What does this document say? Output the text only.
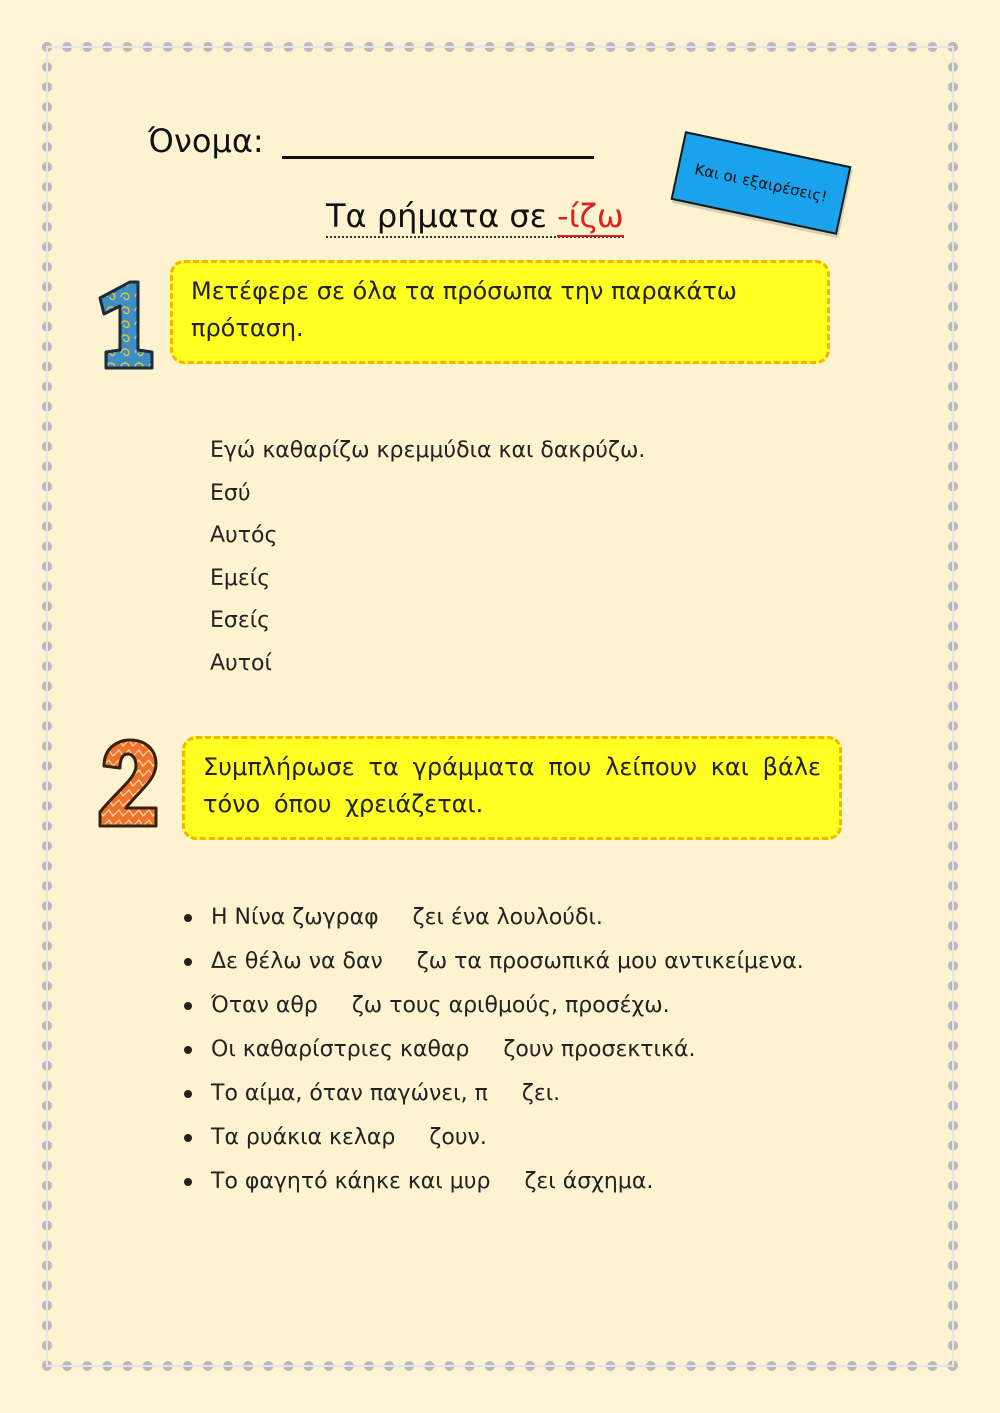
Όνομα:
Τα ρήματα σε -ίζω
Και οι εξαιρέσεις!
Μετέφερε σε όλα τα πρόσωπα την παρακάτω πρόταση.
Εγώ καθαρίζω κρεμμύδια και δακρύζω.
Εσύ
Αυτός
Εμείς
Εσείς
Αυτοί
Συμπλήρωσε τα γράμματα που λείπουν και βάλε τόνο όπου χρειάζεται.
Η Νίνα ζωγραφ ζει ένα λουλούδι.
Δε θέλω να δαν ζω τα προσωπικά μου αντικείμενα.
Όταν αθρ ζω τους αριθμούς, προσέχω.
Οι καθαρίστριες καθαρ ζουν προσεκτικά.
Το αίμα, όταν παγώνει, π ζει.
Τα ρυάκια κελαρ ζουν.
Το φαγητό κάηκε και μυρ ζει άσχημα.
